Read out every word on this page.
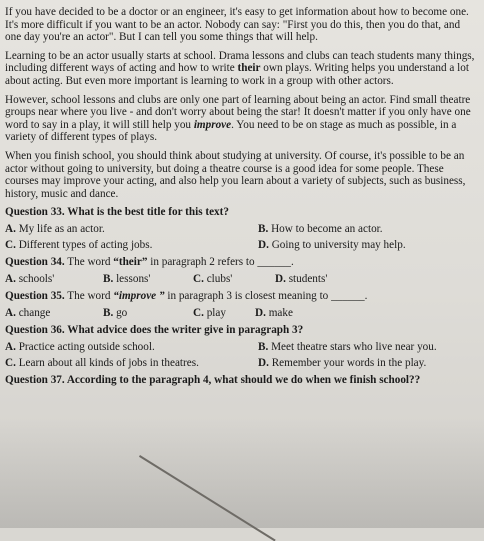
If you have decided to be a doctor or an engineer, it's easy to get information about how to become one. It's more difficult if you want to be an actor. Nobody can say: "First you do this, then you do that, and one day you're an actor". But I can tell you some things that will help.

Learning to be an actor usually starts at school. Drama lessons and clubs can teach students many things, including different ways of acting and how to write their own plays. Writing helps you understand a lot about acting. But even more important is learning to work in a group with other actors.

However, school lessons and clubs are only one part of learning about being an actor. Find small theatre groups near where you live - and don't worry about being the star! It doesn't matter if you only have one word to say in a play, it will still help you improve. You need to be on stage as much as possible, in a variety of different types of plays.

When you finish school, you should think about studying at university. Of course, it's possible to be an actor without going to university, but doing a theatre course is a good idea for some people. These courses may improve your acting, and also help you learn about a variety of subjects, such as business, history, music and dance.

Question 33. What is the best title for this text?
A. My life as an actor.	B. How to become an actor.
C. Different types of acting jobs.	D. Going to university may help.
Question 34. The word “their” in paragraph 2 refers to ______.
A. schools'	B. lessons'	C. clubs'	D. students'
Question 35. The word “improve ” in paragraph 3 is closest meaning to ______.
A. change	B. go	C. play	D. make
Question 36. What advice does the writer give in paragraph 3?
A. Practice acting outside school.	B. Meet theatre stars who live near you.
C. Learn about all kinds of jobs in theatres.	D. Remember your words in the play.
Question 37. According to the paragraph 4, what should we do when we finish school??
